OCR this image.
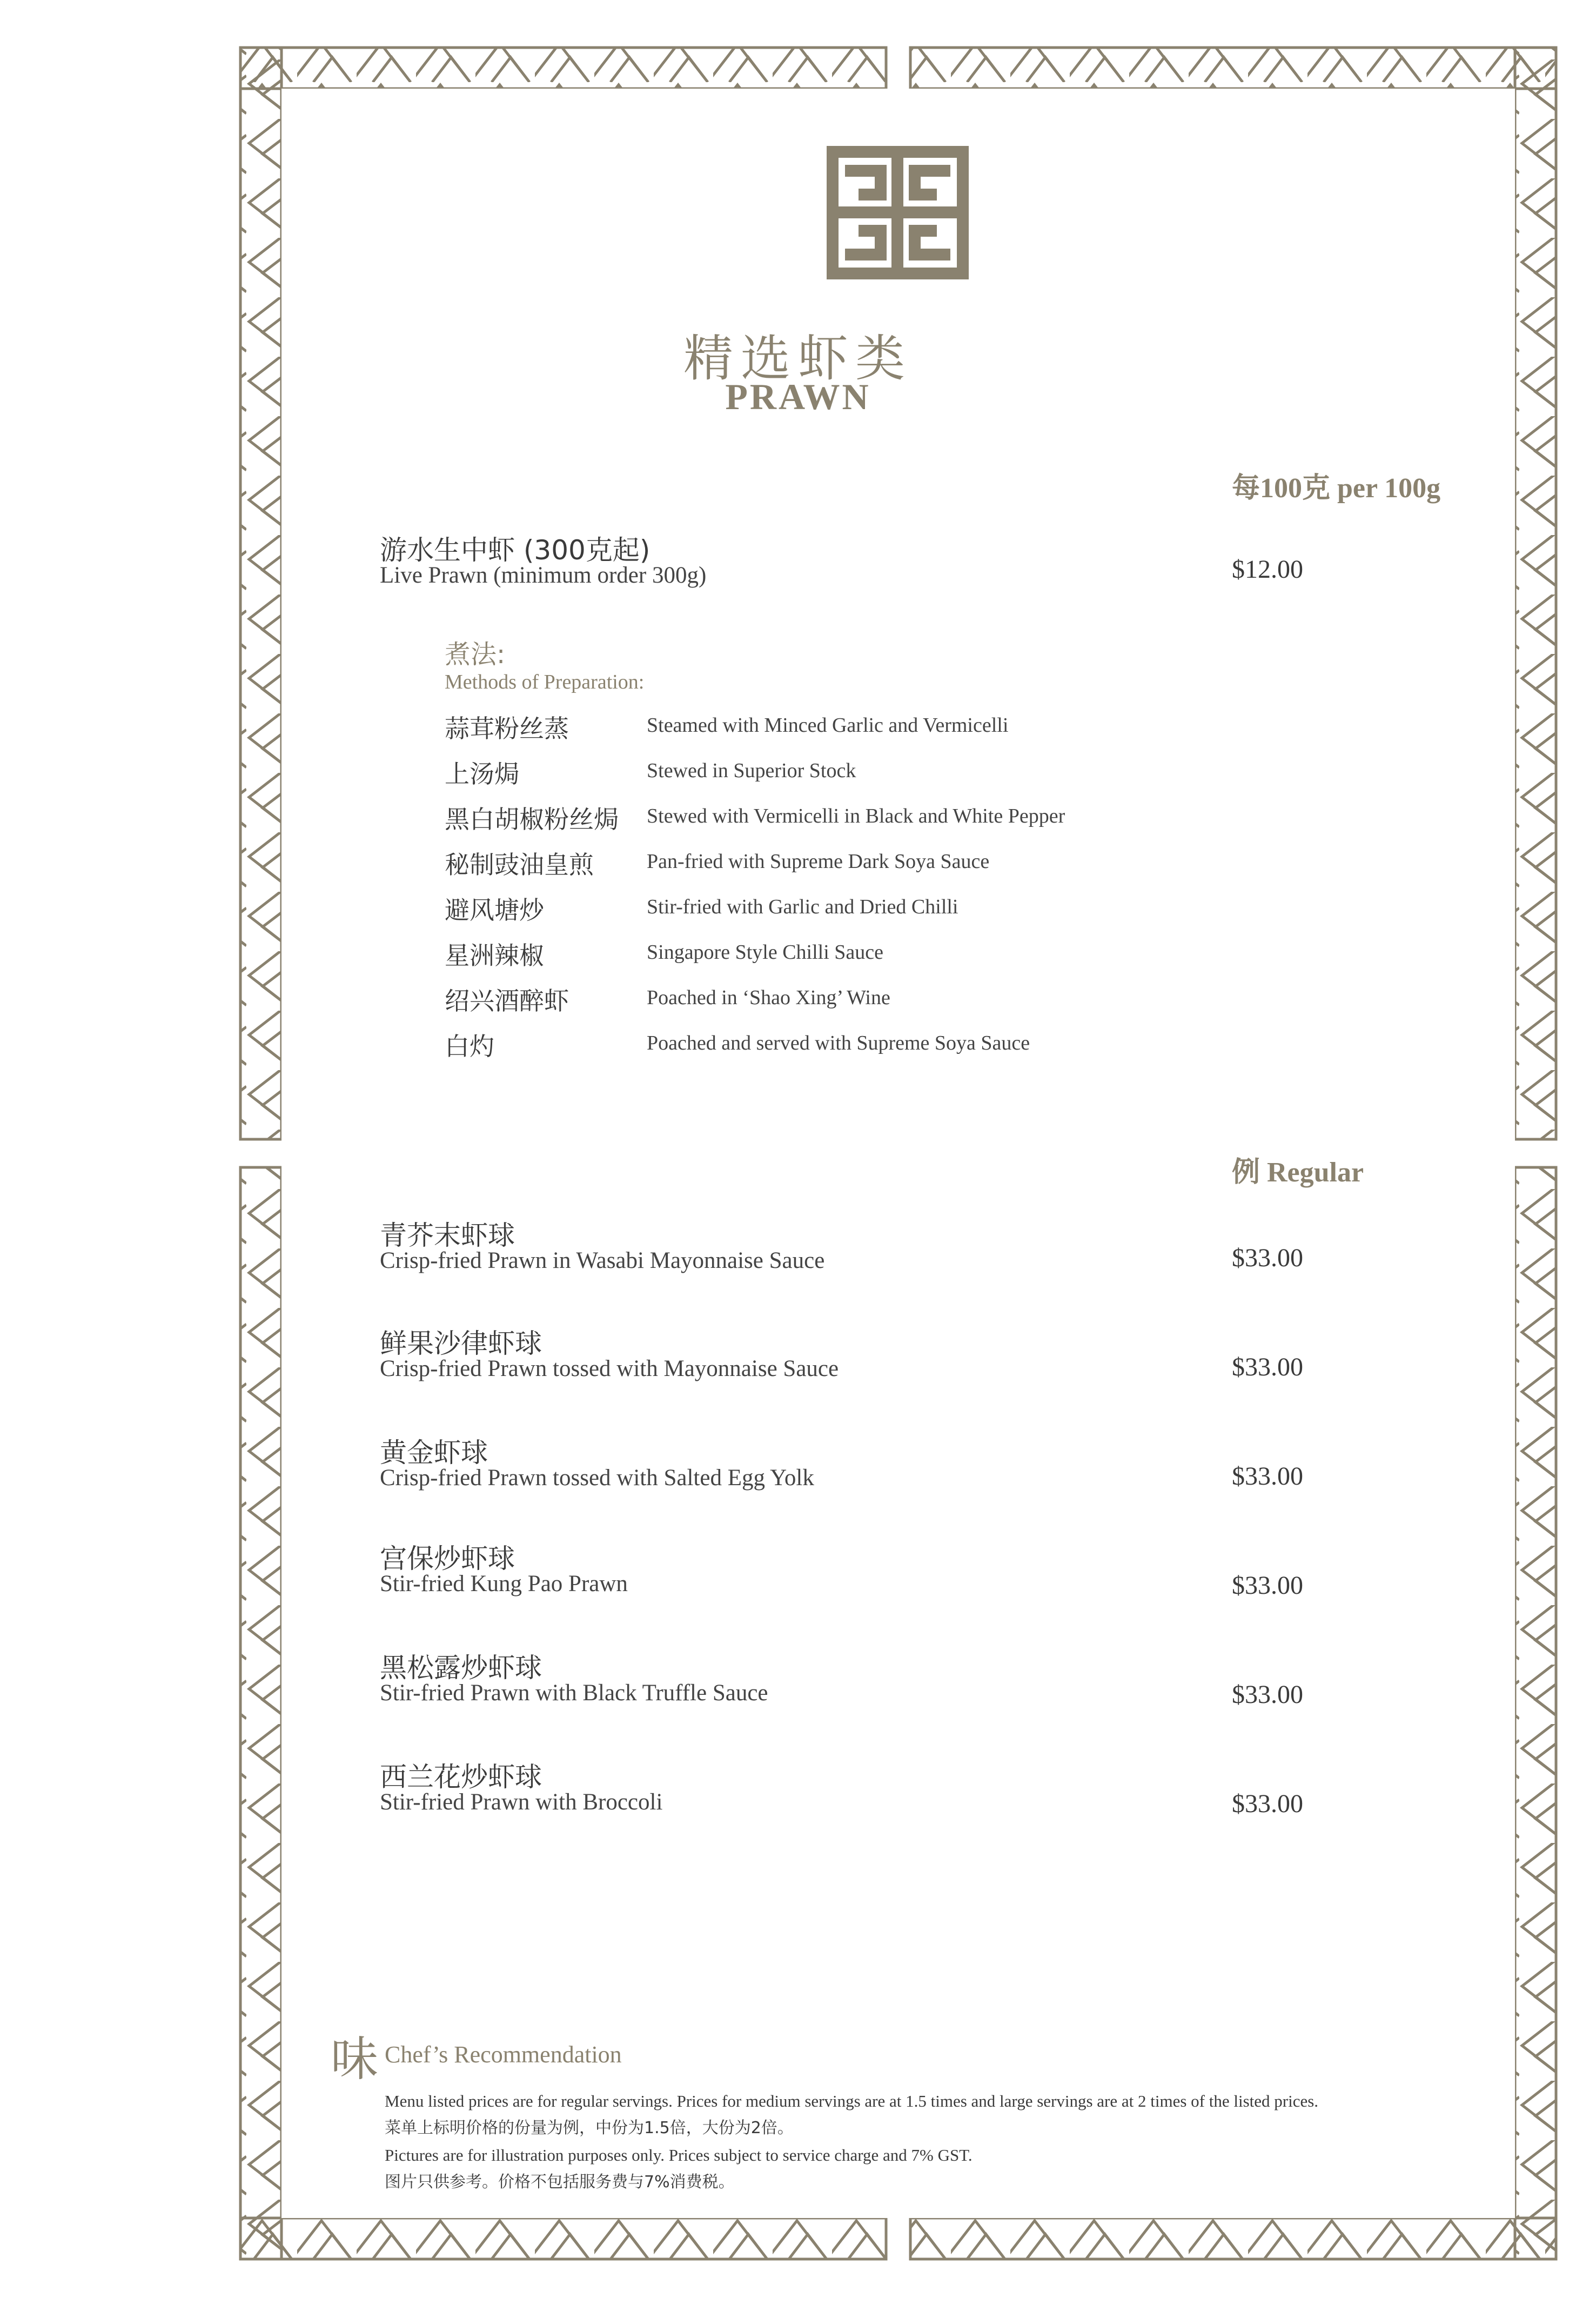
精选虾类
PRAWN
每100克 per 100g
游水生中虾 (300克起)
Live Prawn (minimum order 300g)	$12.00
煮法:
Methods of Preparation:
蒜茸粉丝蒸	Steamed with Minced Garlic and Vermicelli
上汤焗	Stewed in Superior Stock
黑白胡椒粉丝焗 Stewed with Vermicelli in Black and White Pepper
秘制豉油皇煎	Pan-fried with Supreme Dark Soya Sauce
避风塘炒	Stir-fried with Garlic and Dried Chilli
星洲辣椒	Singapore Style Chilli Sauce
绍兴酒醉虾	Poached in ‘Shao Xing’ Wine
白灼	Poached and served with Supreme Soya Sauce
例 Regular
青芥末虾球
Crisp-fried Prawn in Wasabi Mayonnaise Sauce	$33.00
鲜果沙律虾球
Crisp-fried Prawn tossed with Mayonnaise Sauce	$33.00
黄金虾球
Crisp-fried Prawn tossed with Salted Egg Yolk	$33.00
宫保炒虾球
Stir-fried Kung Pao Prawn	$33.00
黑松露炒虾球
Stir-fried Prawn with Black Truffle Sauce	$33.00
西兰花炒虾球
Stir-fried Prawn with Broccoli	$33.00
味 Chef’s Recommendation
Menu listed prices are for regular servings. Prices for medium servings are at 1.5 times and large servings are at 2 times of the listed prices.
菜单上标明价格的份量为例，中份为1.5倍，大份为2倍。
Pictures are for illustration purposes only. Prices subject to service charge and 7% GST.
图片只供参考。价格不包括服务费与7%消费税。
